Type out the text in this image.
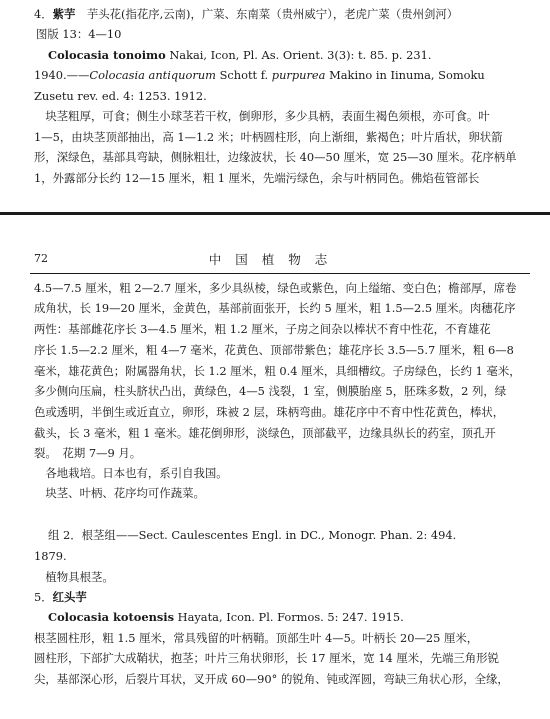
4．紫芋　芋头花(指花序,云南)，广菜、东南菜（贵州威宁），老虎广菜（贵州剑河）
图版 13：4—10
Colocasia tonoimo Nakai, Icon, Pl. As. Orient. 3(3): t. 85. p. 231.
1940.——Colocasia antiquorum Schott f. purpurea Makino in Iinuma, Somoku
Zusetu rev. ed. 4: 1253. 1912.
　块茎粗厚，可食；侧生小球茎若干枚，倒卵形，多少具柄，表面生褐色须根，亦可食。叶
1—5，由块茎顶部抽出，高 1—1.2 米；叶柄圆柱形，向上渐细，紫褐色；叶片盾状，卵状箭
形，深绿色，基部具弯缺，侧脉粗壮，边缘波状，长 40—50 厘米，宽 25—30 厘米。花序柄单
1，外露部分长约 12—15 厘米，粗 1 厘米，先端污绿色，余与叶柄同色。佛焰苞管部长
72	中国植物志
4.5—7.5 厘米，粗 2—2.7 厘米，多少具纵棱，绿色或紫色，向上缢缩、变白色；檐部厚，席卷
成角状，长 19—20 厘米，金黄色，基部前面张开，长约 5 厘米，粗 1.5—2.5 厘米。肉穗花序
两性：基部雌花序长 3—4.5 厘米，粗 1.2 厘米，子房之间杂以棒状不育中性花，不育雄花
序长 1.5—2.2 厘米，粗 4—7 毫米，花黄色、顶部带紫色；雄花序长 3.5—5.7 厘米，粗 6—8
毫米，雄花黄色；附属器角状，长 1.2 厘米，粗 0.4 厘米，具细槽纹。子房绿色，长约 1 毫米，
多少侧向压扁，柱头脐状凸出，黄绿色，4—5 浅裂，1 室，侧膜胎座 5，胚珠多数，2 列，绿
色或透明，半倒生或近直立，卵形，珠被 2 层，珠柄弯曲。雄花序中不育中性花黄色，棒状，
截头，长 3 毫米，粗 1 毫米。雄花倒卵形，淡绿色，顶部截平，边缘具纵长的药室，顶孔开
裂。　花期 7—9 月。
　各地栽培。日本也有，系引自我国。
　块茎、叶柄、花序均可作蔬菜。
组 2．根茎组——Sect. Caulescentes Engl. in DC., Monogr. Phan. 2: 494.
1879.
　植物具根茎。
5．红头芋
Colocasia kotoensis Hayata, Icon. Pl. Formos. 5: 247. 1915.
根茎圆柱形，粗 1.5 厘米，常具残留的叶柄鞘。顶部生叶 4—5。叶柄长 20—25 厘米，
圆柱形，下部扩大成鞘状，抱茎；叶片三角状卵形，长 17 厘米，宽 14 厘米，先端三角形锐
尖，基部深心形，后裂片耳状，叉开成 60—90° 的锐角、钝或浑圆，弯缺三角状心形，全缘，
